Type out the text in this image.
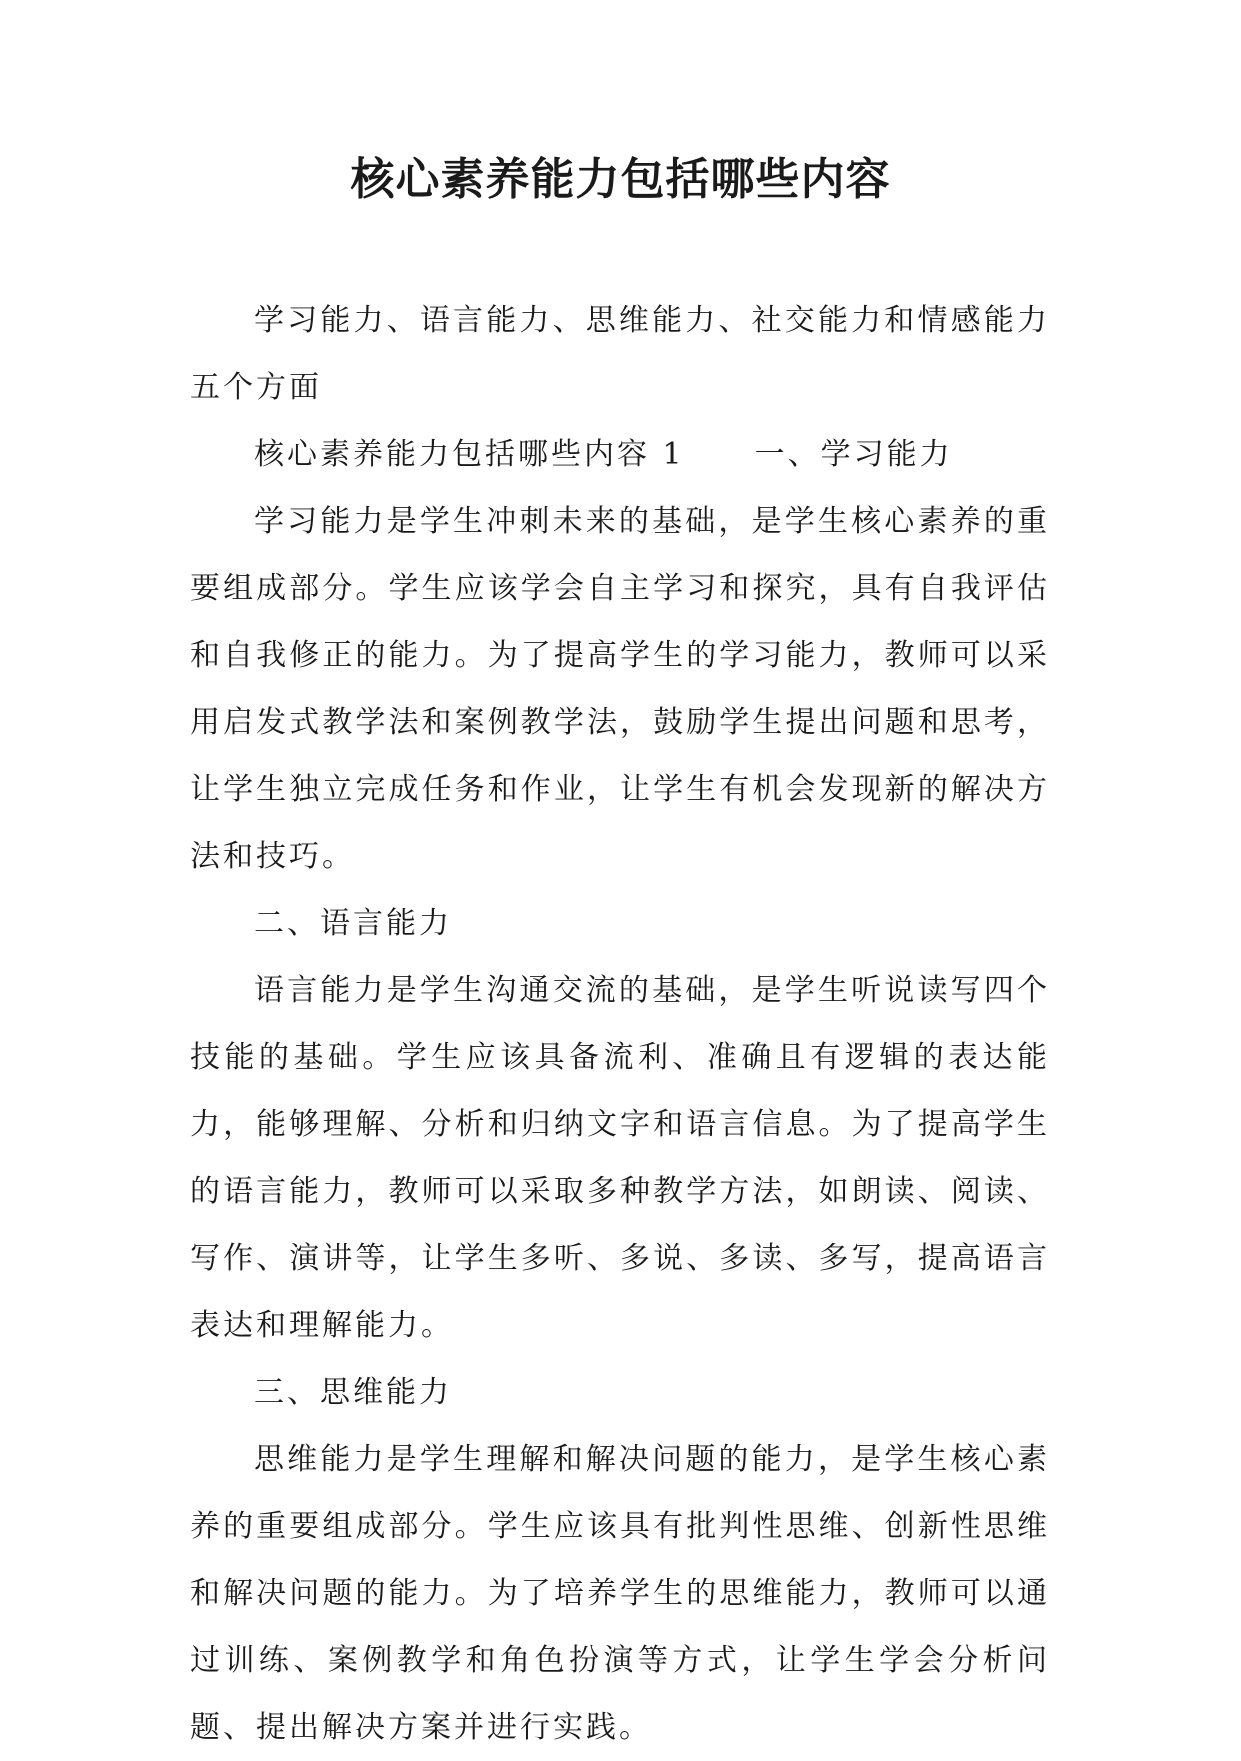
核心素养能力包括哪些内容

学习能力、语言能力、思维能力、社交能力和情感能力五个方面

核心素养能力包括哪些内容 1 一、学习能力

学习能力是学生冲刺未来的基础，是学生核心素养的重要组成部分。学生应该学会自主学习和探究，具有自我评估和自我修正的能力。为了提高学生的学习能力，教师可以采用启发式教学法和案例教学法，鼓励学生提出问题和思考，让学生独立完成任务和作业，让学生有机会发现新的解决方法和技巧。

二、语言能力

语言能力是学生沟通交流的基础，是学生听说读写四个技能的基础。学生应该具备流利、准确且有逻辑的表达能力，能够理解、分析和归纳文字和语言信息。为了提高学生的语言能力，教师可以采取多种教学方法，如朗读、阅读、写作、演讲等，让学生多听、多说、多读、多写，提高语言表达和理解能力。

三、思维能力

思维能力是学生理解和解决问题的能力，是学生核心素养的重要组成部分。学生应该具有批判性思维、创新性思维和解决问题的能力。为了培养学生的思维能力，教师可以通过训练、案例教学和角色扮演等方式，让学生学会分析问题、提出解决方案并进行实践。
